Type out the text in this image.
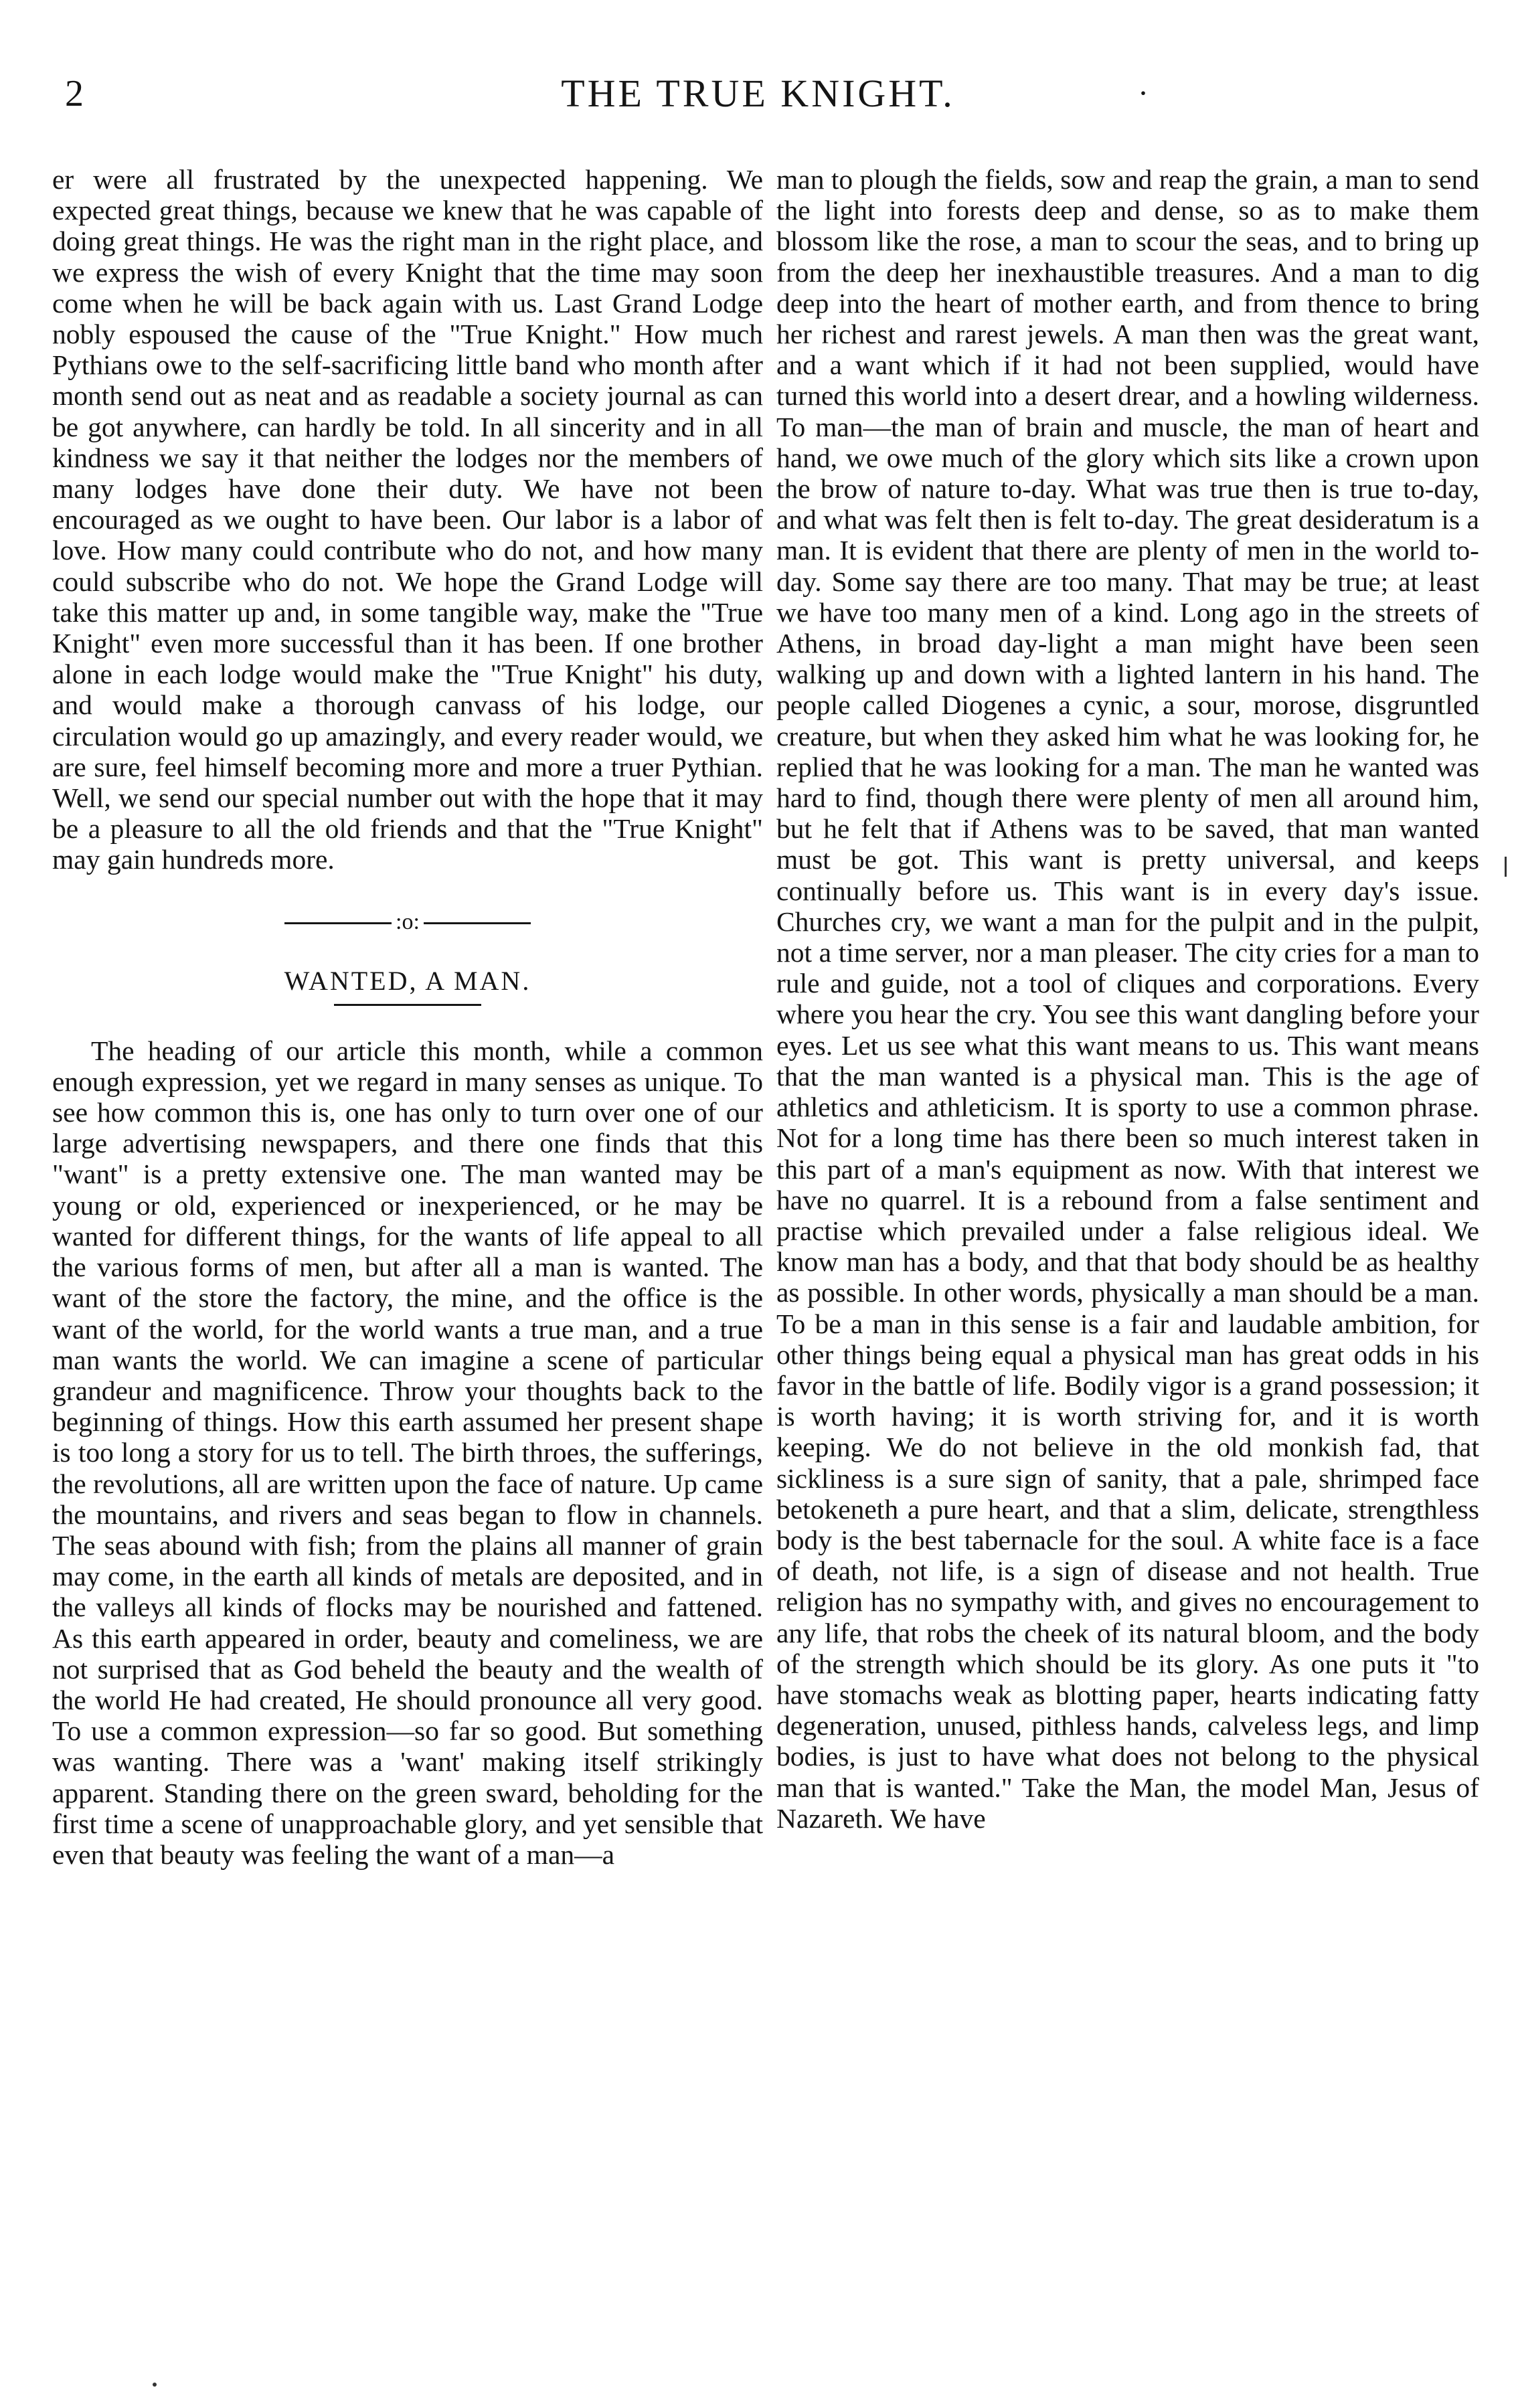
2	THE TRUE KNIGHT.	·

er were all frustrated by the unexpected happening. We expected great things, because we knew that he was capable of doing great things. He was the right man in the right place, and we express the wish of every Knight that the time may soon come when he will be back again with us. Last Grand Lodge nobly espoused the cause of the "True Knight." How much Pythians owe to the self-sacrificing little band who month after month send out as neat and as readable a society journal as can be got anywhere, can hardly be told. In all sincerity and in all kindness we say it that neither the lodges nor the members of many lodges have done their duty. We have not been encouraged as we ought to have been. Our labor is a labor of love. How many could contribute who do not, and how many could subscribe who do not. We hope the Grand Lodge will take this matter up and, in some tangible way, make the "True Knight" even more successful than it has been. If one brother alone in each lodge would make the "True Knight" his duty, and would make a thorough canvass of his lodge, our circulation would go up amazingly, and every reader would, we are sure, feel himself becoming more and more a truer Pythian. Well, we send our special number out with the hope that it may be a pleasure to all the old friends and that the "True Knight" may gain hundreds more.

:o:
WANTED, A MAN.

The heading of our article this month, while a common enough expression, yet we regard in many senses as unique. To see how common this is, one has only to turn over one of our large advertising newspapers, and there one finds that this "want" is a pretty extensive one. The man wanted may be young or old, experienced or inexperienced, or he may be wanted for different things, for the wants of life appeal to all the various forms of men, but after all a man is wanted. The want of the store the factory, the mine, and the office is the want of the world, for the world wants a true man, and a true man wants the world. We can imagine a scene of particular grandeur and magnificence. Throw your thoughts back to the beginning of things. How this earth assumed her present shape is too long a story for us to tell. The birth throes, the sufferings, the revolutions, all are written upon the face of nature. Up came the mountains, and rivers and seas began to flow in channels. The seas abound with fish; from the plains all manner of grain may come, in the earth all kinds of metals are deposited, and in the valleys all kinds of flocks may be nourished and fattened. As this earth appeared in order, beauty and comeliness, we are not surprised that as God beheld the beauty and the wealth of the world He had created, He should pronounce all very good. To use a common expression—so far so good. But something was wanting. There was a 'want' making itself strikingly apparent. Standing there on the green sward, beholding for the first time a scene of unapproachable glory, and yet sensible that even that beauty was feeling the want of a man—a

man to plough the fields, sow and reap the grain, a man to send the light into forests deep and dense, so as to make them blossom like the rose, a man to scour the seas, and to bring up from the deep her inexhaustible treasures. And a man to dig deep into the heart of mother earth, and from thence to bring her richest and rarest jewels. A man then was the great want, and a want which if it had not been supplied, would have turned this world into a desert drear, and a howling wilderness. To man—the man of brain and muscle, the man of heart and hand, we owe much of the glory which sits like a crown upon the brow of nature to-day. What was true then is true to-day, and what was felt then is felt to-day. The great desideratum is a man. It is evident that there are plenty of men in the world to-day. Some say there are too many. That may be true; at least we have too many men of a kind. Long ago in the streets of Athens, in broad day-light a man might have been seen walking up and down with a lighted lantern in his hand. The people called Diogenes a cynic, a sour, morose, disgruntled creature, but when they asked him what he was looking for, he replied that he was looking for a man. The man he wanted was hard to find, though there were plenty of men all around him, but he felt that if Athens was to be saved, that man wanted must be got. This want is pretty universal, and keeps continually before us. This want is in every day's issue. Churches cry, we want a man for the pulpit and in the pulpit, not a time server, nor a man pleaser. The city cries for a man to rule and guide, not a tool of cliques and corporations. Every where you hear the cry. You see this want dangling before your eyes. Let us see what this want means to us. This want means that the man wanted is a physical man. This is the age of athletics and athleticism. It is sporty to use a common phrase. Not for a long time has there been so much interest taken in this part of a man's equipment as now. With that interest we have no quarrel. It is a rebound from a false sentiment and practise which prevailed under a false religious ideal. We know man has a body, and that that body should be as healthy as possible. In other words, physically a man should be a man. To be a man in this sense is a fair and laudable ambition, for other things being equal a physical man has great odds in his favor in the battle of life. Bodily vigor is a grand possession; it is worth having; it is worth striving for, and it is worth keeping. We do not believe in the old monkish fad, that sickliness is a sure sign of sanity, that a pale, shrimped face betokeneth a pure heart, and that a slim, delicate, strengthless body is the best tabernacle for the soul. A white face is a face of death, not life, is a sign of disease and not health. True religion has no sympathy with, and gives no encouragement to any life, that robs the cheek of its natural bloom, and the body of the strength which should be its glory. As one puts it "to have stomachs weak as blotting paper, hearts indicating fatty degeneration, unused, pithless hands, calveless legs, and limp bodies, is just to have what does not belong to the physical man that is wanted." Take the Man, the model Man, Jesus of Nazareth. We have
